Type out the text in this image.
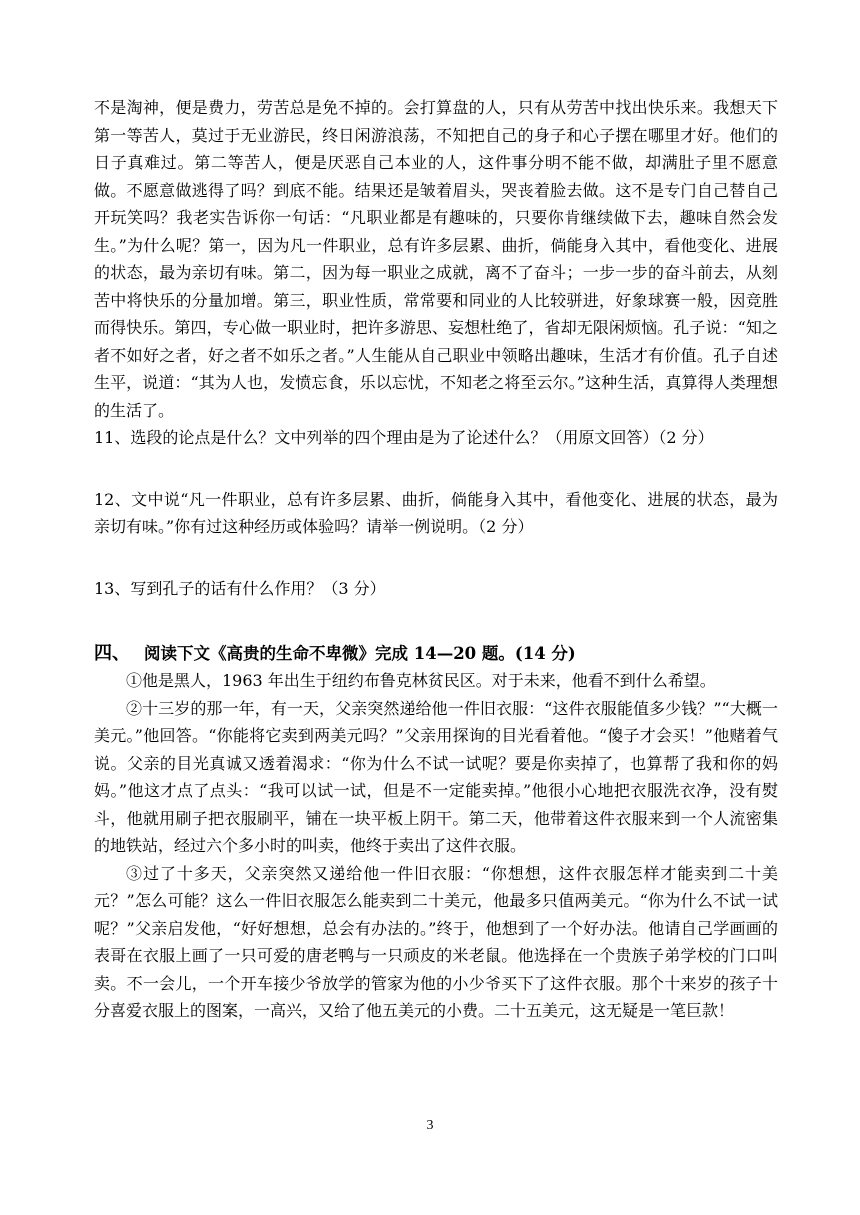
不是淘神，便是费力，劳苦总是免不掉的。会打算盘的人，只有从劳苦中找出快乐来。我想天下第一等苦人，莫过于无业游民，终日闲游浪荡，不知把自己的身子和心子摆在哪里才好。他们的日子真难过。第二等苦人，便是厌恶自己本业的人，这件事分明不能不做，却满肚子里不愿意做。不愿意做逃得了吗？到底不能。结果还是皱着眉头，哭丧着脸去做。这不是专门自己替自己开玩笑吗？我老实告诉你一句话：“凡职业都是有趣味的，只要你肯继续做下去，趣味自然会发生。”为什么呢？第一，因为凡一件职业，总有许多层累、曲折，倘能身入其中，看他变化、进展的状态，最为亲切有味。第二，因为每一职业之成就，离不了奋斗；一步一步的奋斗前去，从刻苦中将快乐的分量加增。第三，职业性质，常常要和同业的人比较骈进，好象球赛一般，因竞胜而得快乐。第四，专心做一职业时，把许多游思、妄想杜绝了，省却无限闲烦恼。孔子说：“知之者不如好之者，好之者不如乐之者。”人生能从自己职业中领略出趣味，生活才有价值。孔子自述生平，说道：“其为人也，发愤忘食，乐以忘忧，不知老之将至云尔。”这种生活，真算得人类理想的生活了。

11、选段的论点是什么？文中列举的四个理由是为了论述什么？（用原文回答）（2 分）

12、文中说“凡一件职业，总有许多层累、曲折，倘能身入其中，看他变化、进展的状态，最为亲切有味。”你有过这种经历或体验吗？请举一例说明。（2 分）

13、写到孔子的话有什么作用？（3 分）

四、 阅读下文《高贵的生命不卑微》完成 14—20 题。(14 分)

①他是黑人，1963 年出生于纽约布鲁克林贫民区。对于未来，他看不到什么希望。

②十三岁的那一年，有一天，父亲突然递给他一件旧衣服：“这件衣服能值多少钱？”“大概一美元。”他回答。“你能将它卖到两美元吗？”父亲用探询的目光看着他。“傻子才会买！”他赌着气说。父亲的目光真诚又透着渴求：“你为什么不试一试呢？要是你卖掉了，也算帮了我和你的妈妈。”他这才点了点头：“我可以试一试，但是不一定能卖掉。”他很小心地把衣服洗衣净，没有熨斗，他就用刷子把衣服刷平，铺在一块平板上阴干。第二天，他带着这件衣服来到一个人流密集的地铁站，经过六个多小时的叫卖，他终于卖出了这件衣服。

③过了十多天，父亲突然又递给他一件旧衣服：“你想想，这件衣服怎样才能卖到二十美元？”怎么可能？这么一件旧衣服怎么能卖到二十美元，他最多只值两美元。“你为什么不试一试呢？”父亲启发他，“好好想想，总会有办法的。”终于，他想到了一个好办法。他请自己学画画的表哥在衣服上画了一只可爱的唐老鸭与一只顽皮的米老鼠。他选择在一个贵族子弟学校的门口叫卖。不一会儿，一个开车接少爷放学的管家为他的小少爷买下了这件衣服。那个十来岁的孩子十分喜爱衣服上的图案，一高兴，又给了他五美元的小费。二十五美元，这无疑是一笔巨款！

3
